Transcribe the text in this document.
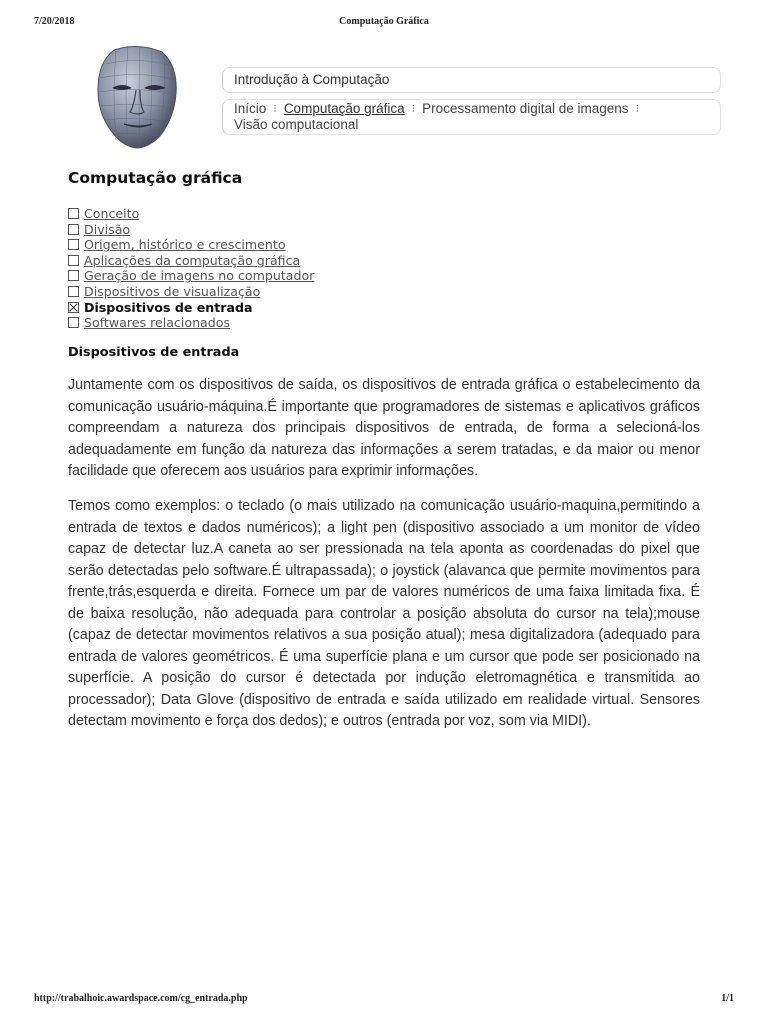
7/20/2018	Computação Gráfica
Introdução à Computação
Início ⁝ Computação gráfica ⁝ Processamento digital de imagens ⁝
Visão computacional
Computação gráfica
Conceito
Divisão
Origem, histórico e crescimento
Aplicações da computação gráfica
Geração de imagens no computador
Dispositivos de visualização
Dispositivos de entrada
Softwares relacionados
Dispositivos de entrada

Juntamente com os dispositivos de saída, os dispositivos de entrada gráfica o estabelecimento da comunicação usuário-máquina.É importante que programadores de sistemas e aplicativos gráficos compreendam a natureza dos principais dispositivos de entrada, de forma a selecioná-los adequadamente em função da natureza das informações a serem tratadas, e da maior ou menor facilidade que oferecem aos usuários para exprimir informações.

Temos como exemplos: o teclado (o mais utilizado na comunicação usuário-maquina,permitindo a entrada de textos e dados numéricos); a light pen (dispositivo associado a um monitor de vídeo capaz de detectar luz.A caneta ao ser pressionada na tela aponta as coordenadas do pixel que serão detectadas pelo software.É ultrapassada); o joystick (alavanca que permite movimentos para frente,trás,esquerda e direita. Fornece um par de valores numéricos de uma faixa limitada fixa. É de baixa resolução, não adequada para controlar a posição absoluta do cursor na tela);mouse (capaz de detectar movimentos relativos a sua posição atual); mesa digitalizadora (adequado para entrada de valores geométricos. É uma superfície plana e um cursor que pode ser posicionado na superfície. A posição do cursor é detectada por indução eletromagnética e transmitida ao processador); Data Glove (dispositivo de entrada e saída utilizado em realidade virtual. Sensores detectam movimento e força dos dedos); e outros (entrada por voz, som via MIDI).

http://trabalhoic.awardspace.com/cg_entrada.php	1/1
